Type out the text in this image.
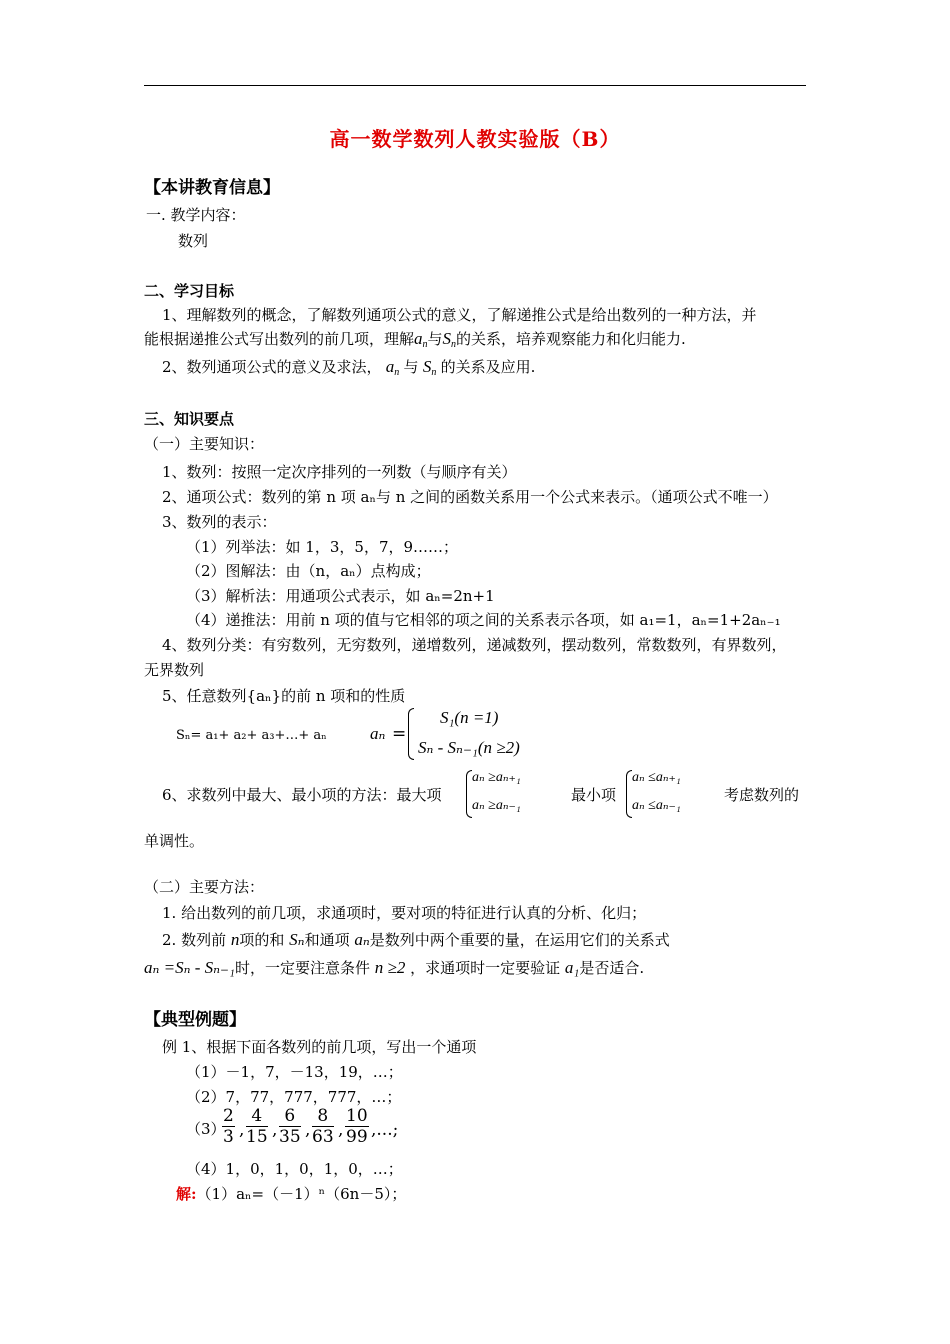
高一数学数列人教实验版（B）
【本讲教育信息】
一. 教学内容：
数列
二、学习目标
1、理解数列的概念，了解数列通项公式的意义，了解递推公式是给出数列的一种方法，并
能根据递推公式写出数列的前几项，理解$a_n$与$S_n$的关系，培养观察能力和化归能力.
2、数列通项公式的意义及求法， $a_n$ 与 $S_n$ 的关系及应用.
三、知识要点
（一）主要知识：
1、数列：按照一定次序排列的一列数（与顺序有关）
2、通项公式：数列的第 n 项 aₙ与 n 之间的函数关系用一个公式来表示。（通项公式不唯一）
3、数列的表示：
（1）列举法：如 1，3，5，7，9……；
（2）图解法：由（n，aₙ）点构成；
（3）解析法：用通项公式表示，如 aₙ=2n+1
（4）递推法：用前 n 项的值与它相邻的项之间的关系表示各项，如 a₁=1，aₙ=1+2aₙ₋₁
4、数列分类：有穷数列，无穷数列，递增数列，递减数列，摆动数列，常数数列，有界数列，
无界数列
5、任意数列{aₙ}的前 n 项和的性质
Sₙ= a₁+ a₂+ a₃+…+ aₙ	aₙ =
S₁(n =1)
Sₙ - Sₙ₋₁(n ≥2)
6、求数列中最大、最小项的方法：最大项
aₙ ≥aₙ₊₁
aₙ ≥aₙ₋₁
最小项
aₙ ≤aₙ₊₁
aₙ ≤aₙ₋₁
考虑数列的
单调性。
（二）主要方法：
1. 给出数列的前几项，求通项时，要对项的特征进行认真的分析、化归；
2. 数列前 n项的和 Sₙ和通项 aₙ是数列中两个重要的量，在运用它们的关系式
aₙ =Sₙ - Sₙ₋₁时，一定要注意条件 n ≥2 ，求通项时一定要验证 a₁是否适合.
【典型例题】
例 1、根据下面各数列的前几项，写出一个通项
（1）－1，7，－13，19，…；
（2）7，77，777，777，…；
（3）
$\frac{2}{3}$ , $\frac{4}{15}$ , $\frac{6}{35}$ , $\frac{8}{63}$ , $\frac{10}{99}$ ,...;
（4）1，0，1，0，1，0，…；
解:（1）aₙ=（－1）ⁿ（6n－5）；
